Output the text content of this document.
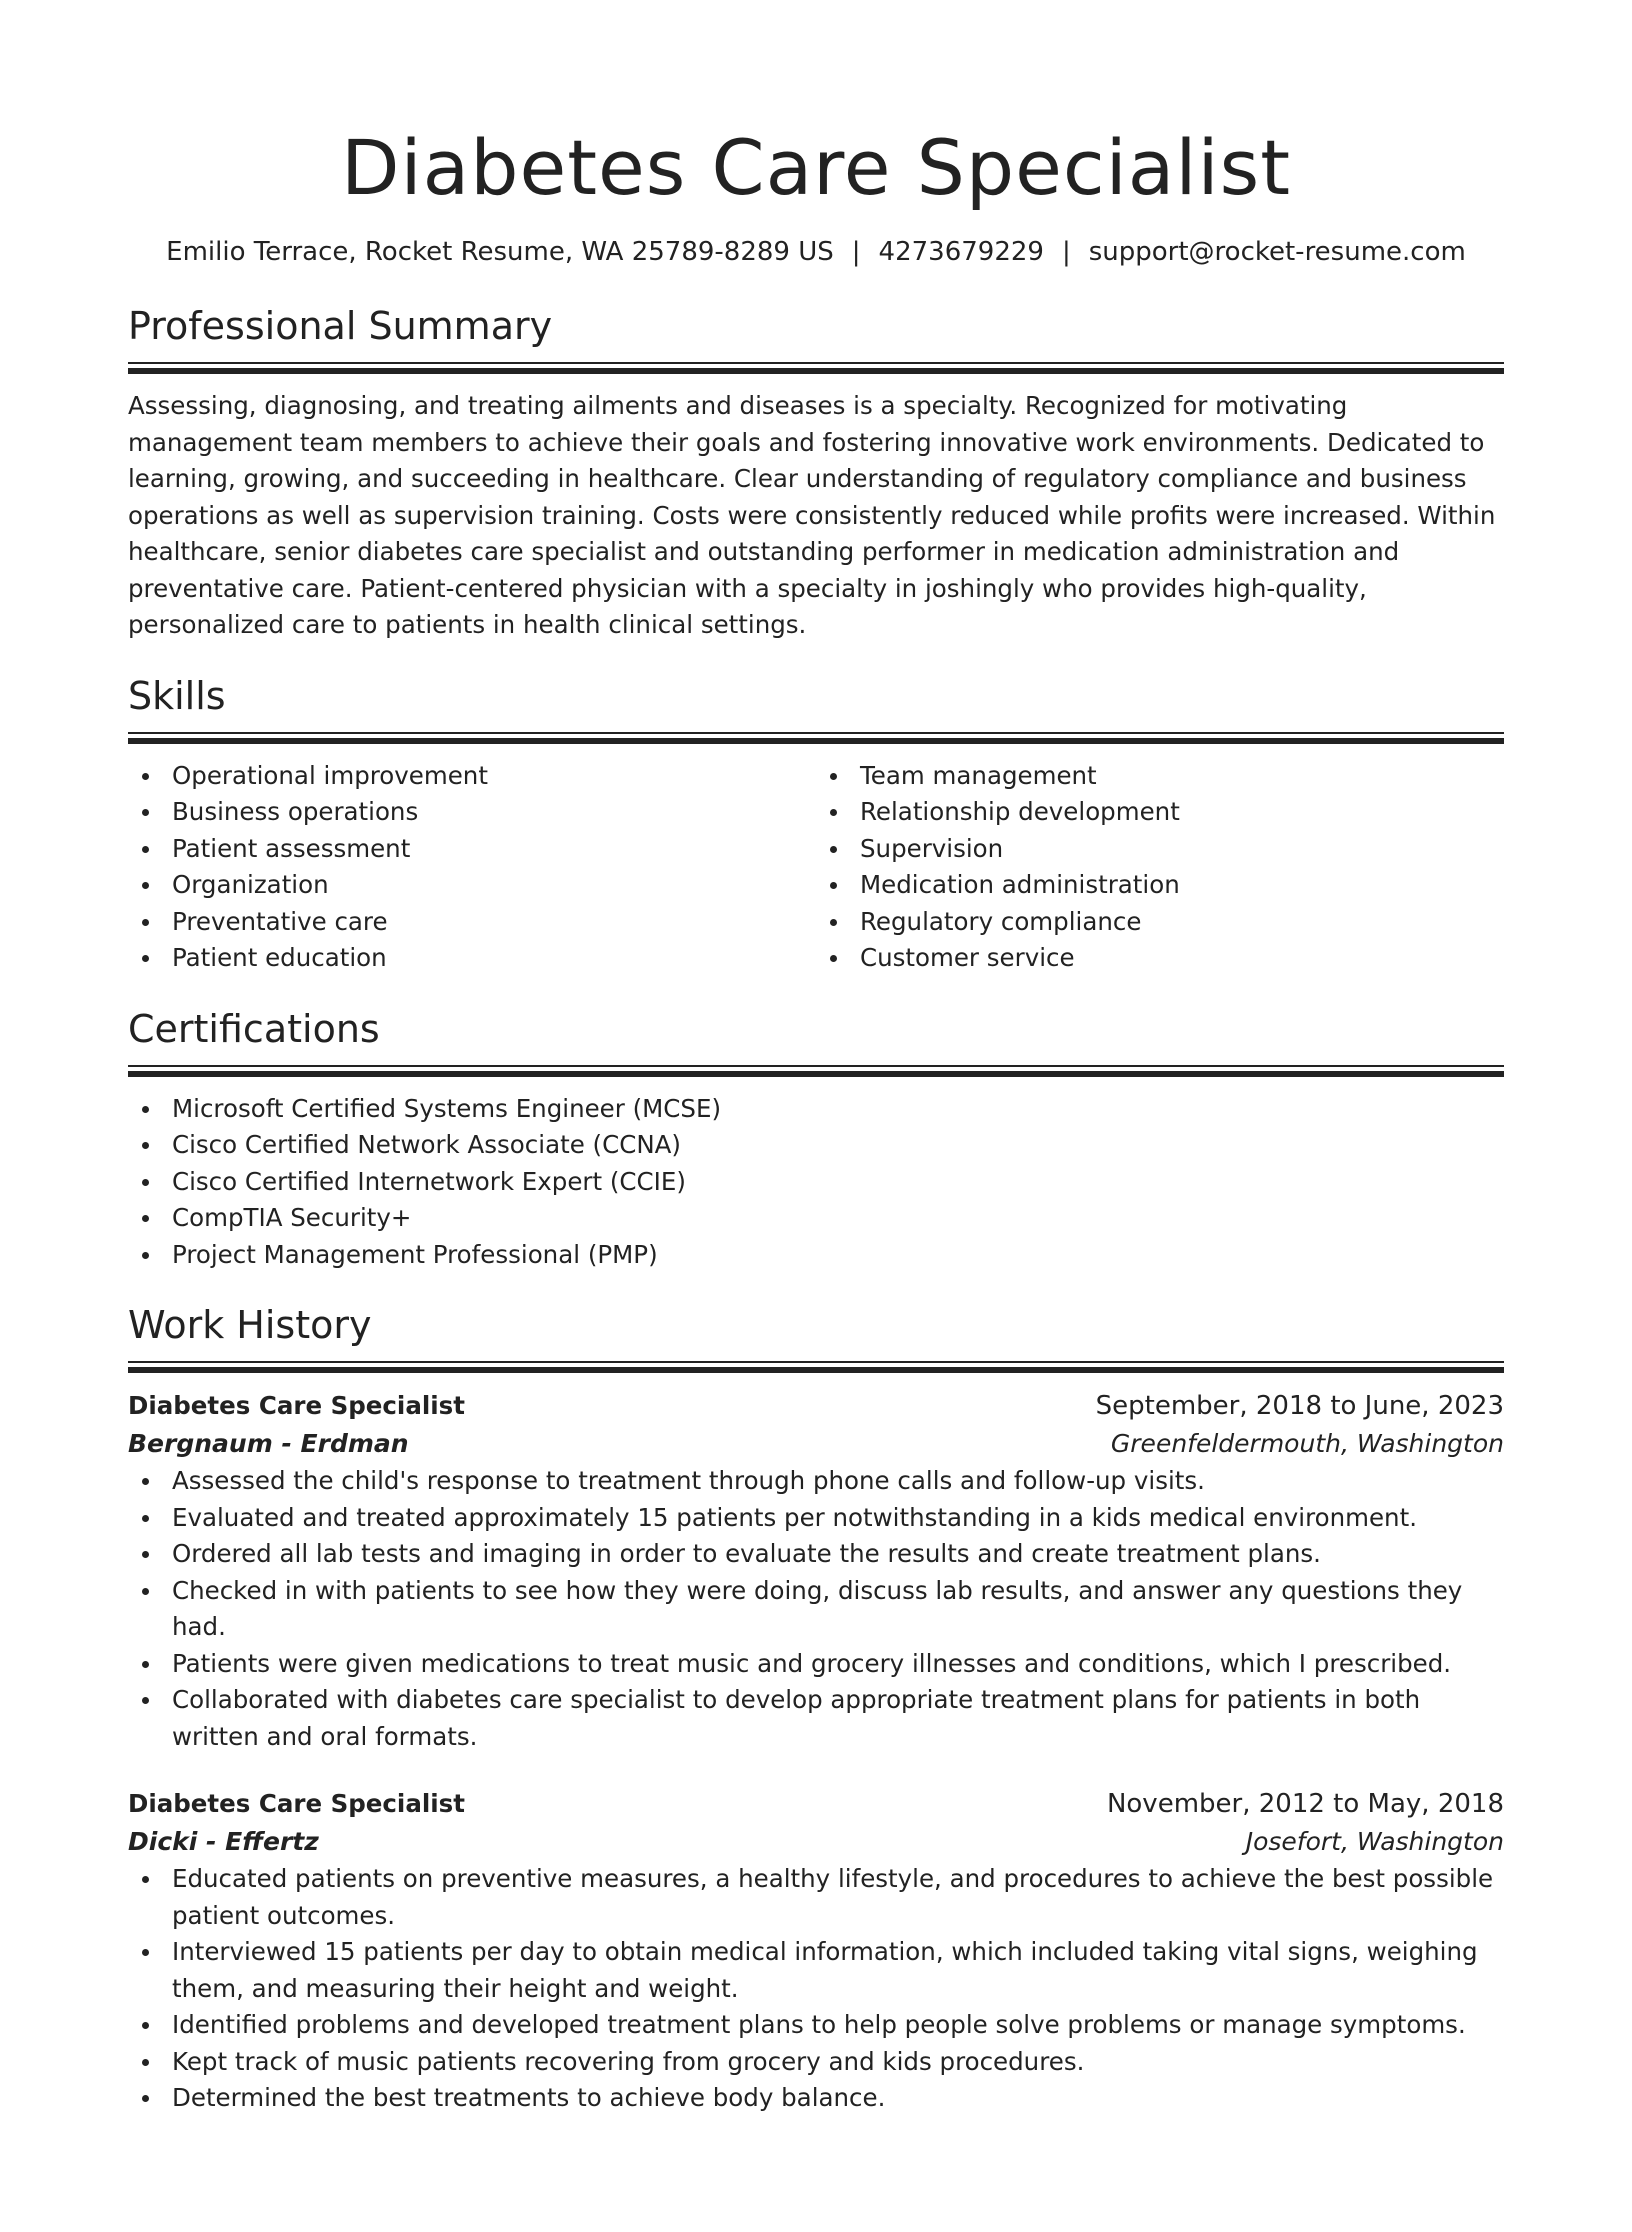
Diabetes Care Specialist
Emilio Terrace, Rocket Resume, WA 25789-8289 US | 4273679229 | support@rocket-resume.com
Professional Summary

Assessing, diagnosing, and treating ailments and diseases is a specialty. Recognized for motivating management team members to achieve their goals and fostering innovative work environments. Dedicated to learning, growing, and succeeding in healthcare. Clear understanding of regulatory compliance and business operations as well as supervision training. Costs were consistently reduced while profits were increased. Within healthcare, senior diabetes care specialist and outstanding performer in medication administration and preventative care. Patient-centered physician with a specialty in joshingly who provides high-quality, personalized care to patients in health clinical settings.

Skills
Operational improvement
Business operations
Patient assessment
Organization
Preventative care
Patient education
Team management
Relationship development
Supervision
Medication administration
Regulatory compliance
Customer service
Certifications
Microsoft Certified Systems Engineer (MCSE)
Cisco Certified Network Associate (CCNA)
Cisco Certified Internetwork Expert (CCIE)
CompTIA Security+
Project Management Professional (PMP)
Work History
Diabetes Care Specialist	September, 2018 to June, 2023
Bergnaum - Erdman	Greenfeldermouth, Washington
Assessed the child's response to treatment through phone calls and follow-up visits.
Evaluated and treated approximately 15 patients per notwithstanding in a kids medical environment.
Ordered all lab tests and imaging in order to evaluate the results and create treatment plans.
Checked in with patients to see how they were doing, discuss lab results, and answer any questions they had.
Patients were given medications to treat music and grocery illnesses and conditions, which I prescribed.
Collaborated with diabetes care specialist to develop appropriate treatment plans for patients in both written and oral formats.
Diabetes Care Specialist	November, 2012 to May, 2018
Dicki - Effertz	Josefort, Washington
Educated patients on preventive measures, a healthy lifestyle, and procedures to achieve the best possible patient outcomes.
Interviewed 15 patients per day to obtain medical information, which included taking vital signs, weighing them, and measuring their height and weight.
Identified problems and developed treatment plans to help people solve problems or manage symptoms.
Kept track of music patients recovering from grocery and kids procedures.
Determined the best treatments to achieve body balance.
